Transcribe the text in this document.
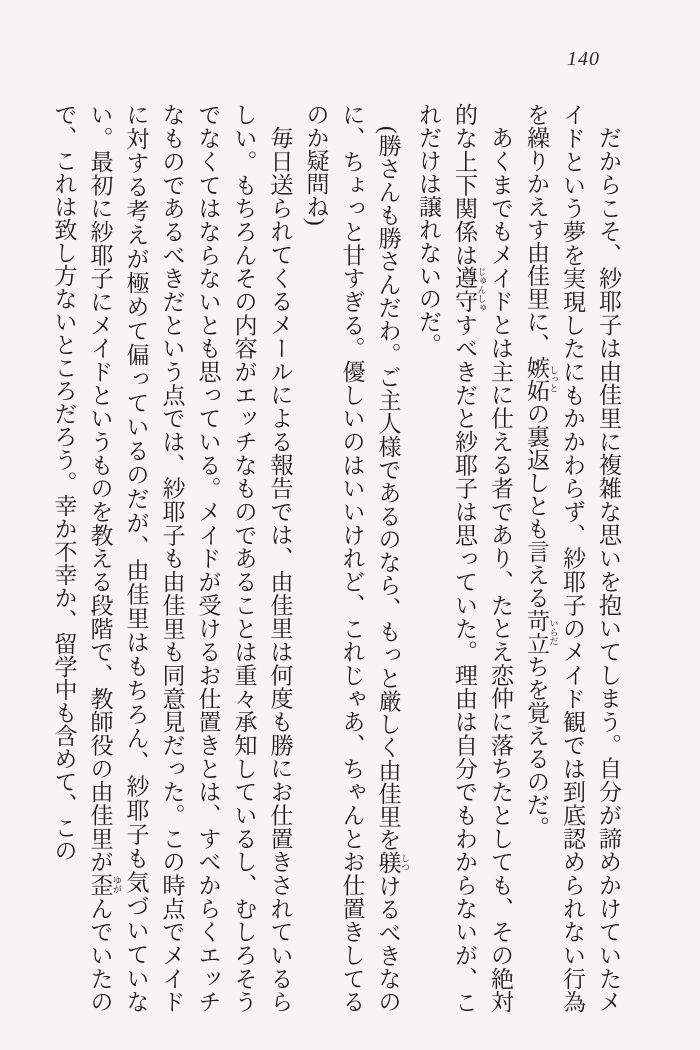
140

だからこそ、紗耶子は由佳里に複雑な思いを抱いてしまう。自分が諦めかけていたメイドという夢を実現したにもかかわらず、紗耶子のメイド観では到底認められない行為を繰りかえす由佳里に、嫉妬 しっとの裏返しとも言える苛立 いらだちを覚えるのだ。

あくまでもメイドとは主に仕える者であり、たとえ恋仲に落ちたとしても、その絶対的な上下関係は遵守 じゅんしゅすべきだと紗耶子は思っていた。理由は自分でもわからないが、これだけは譲れないのだ。

(勝さんも勝さんだわ。ご主人様であるのなら、もっと厳しく由佳里を躾 しつけるべきなのに、ちょっと甘すぎる。優しいのはいいけれど、これじゃあ、ちゃんとお仕置きしてるのか疑問ね)

毎日送られてくるメールによる報告では、由佳里は何度も勝にお仕置きされているらしい。もちろんその内容がエッチなものであることは重々承知しているし、むしろそうでなくてはならないとも思っている。メイドが受けるお仕置きとは、すべからくエッチなものであるべきだという点では、紗耶子も由佳里も同意見だった。この時点でメイドに対する考えが極めて偏っているのだが、由佳里はもちろん、紗耶子も気づいていない。最初に紗耶子にメイドというものを教える段階で、教師役の由佳里が歪 ゆがんでいたので、これは致し方ないところだろう。幸か不幸か、留学中も含めて、この
